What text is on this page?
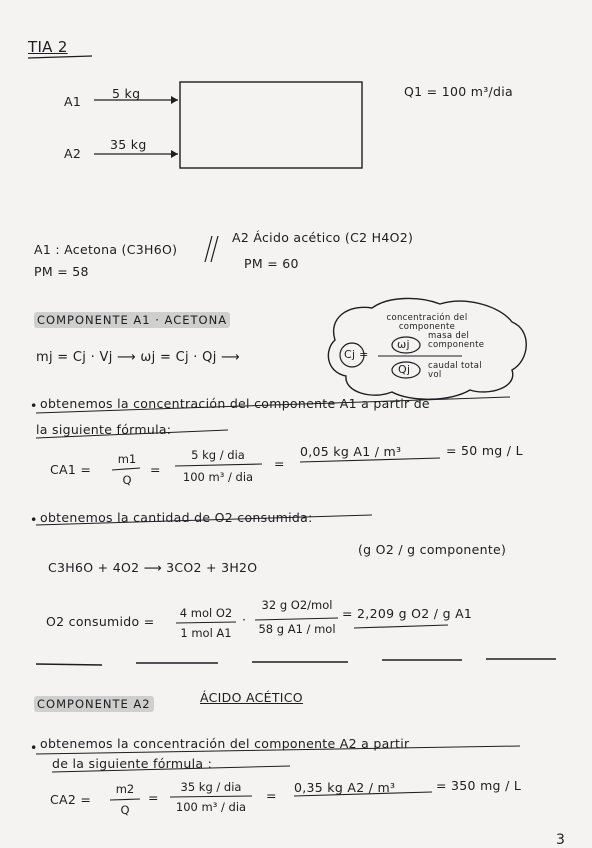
TIA 2
A1
5 kg
A2
35 kg
Q1 = 100 m³/dia
A1 : Acetona (C3H6O)
PM = 58
A2 Ácido acético (C2 H4O2)
PM = 60
COMPONENTE A1 · ACETONA
mj = Cj · Vj ⟶ ωj = Cj · Qj ⟶
concentración del componente
Cj =
ωj
masa del componente
Qj caudal total vol
• obtenemos la concentración del componente A1 a partir de
la siguiente fórmula:
CA1 =
m1
Q
=
5 kg / dia
100 m³ / dia
=
0,05 kg A1 / m³	= 50 mg / L
• obtenemos la cantidad de O2 consumida:
C3H6O + 4O2 ⟶ 3CO2 + 3H2O
(g O2 / g componente)
O2 consumido =
4 mol O2
1 mol A1
·
32 g O2/mol
58 g A1 / mol
= 2,209 g O2 / g A1
COMPONENTE A2	ÁCIDO ACÉTICO
• obtenemos la concentración del componente A2 a partir
de la siguiente fórmula :
CA2 =
m2
Q
=
35 kg / dia
100 m³ / dia
=
0,35 kg A2 / m³	= 350 mg / L
3
